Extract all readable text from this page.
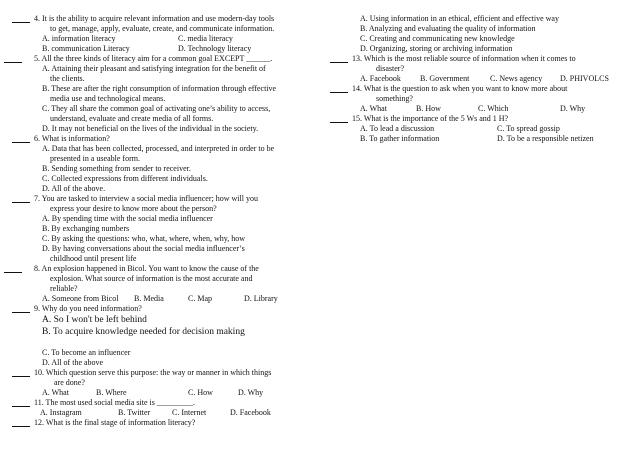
4. It is the ability to acquire relevant information and use modern-day tools
to get, manage, apply, evaluate, create, and communicate information.
A. information literacy	C. media literacy
B. communication Literacy	D. Technology literacy
5. All the three kinds of literacy aim for a common goal EXCEPT ______.
A. Attaining their pleasant and satisfying integration for the benefit of
the clients.
B. These are after the right consumption of information through effective
media use and technological means.
C. They all share the common goal of activating one’s ability to access,
understand, evaluate and create media of all forms.
D. It may not beneficial on the lives of the individual in the society.
6. What is information?
A. Data that has been collected, processed, and interpreted in order to be
presented in a useable form.
B. Sending something from sender to receiver.
C. Collected expressions from different individuals.
D. All of the above.
7. You are tasked to interview a social media influencer; how will you
express your desire to know more about the person?
A. By spending time with the social media influencer
B. By exchanging numbers
C. By asking the questions: who, what, where, when, why, how
D. By having conversations about the social media influencer’s
childhood until present life
8. An explosion happened in Bicol. You want to know the cause of the
explosion. What source of information is the most accurate and
reliable?
A. Someone from Bicol	B. Media	C. Map	D. Library
9. Why do you need information?
A. So I won't be left behind
B. To acquire knowledge needed for decision making
C. To become an influencer
D. All of the above
10. Which question serve this purpose: the way or manner in which things
are done?
A. What	B. Where	C. How	D. Why
11. The most used social media site is _________.
A. Instagram	B. Twitter	C. Internet	D. Facebook
12. What is the final stage of information literacy?
A. Using information in an ethical, efficient and effective way
B. Analyzing and evaluating the quality of information
C. Creating and communicating new knowledge
D. Organizing, storing or archiving information
13. Which is the most reliable source of information when it comes to
disaster?
A. Facebook	B. Government	C. News agency	D. PHIVOLCS
14. What is the question to ask when you want to know more about
something?
A. What	B. How	C. Which	D. Why
15. What is the importance of the 5 Ws and 1 H?
A. To lead a discussion	C. To spread gossip
B. To gather information	D. To be a responsible netizen
